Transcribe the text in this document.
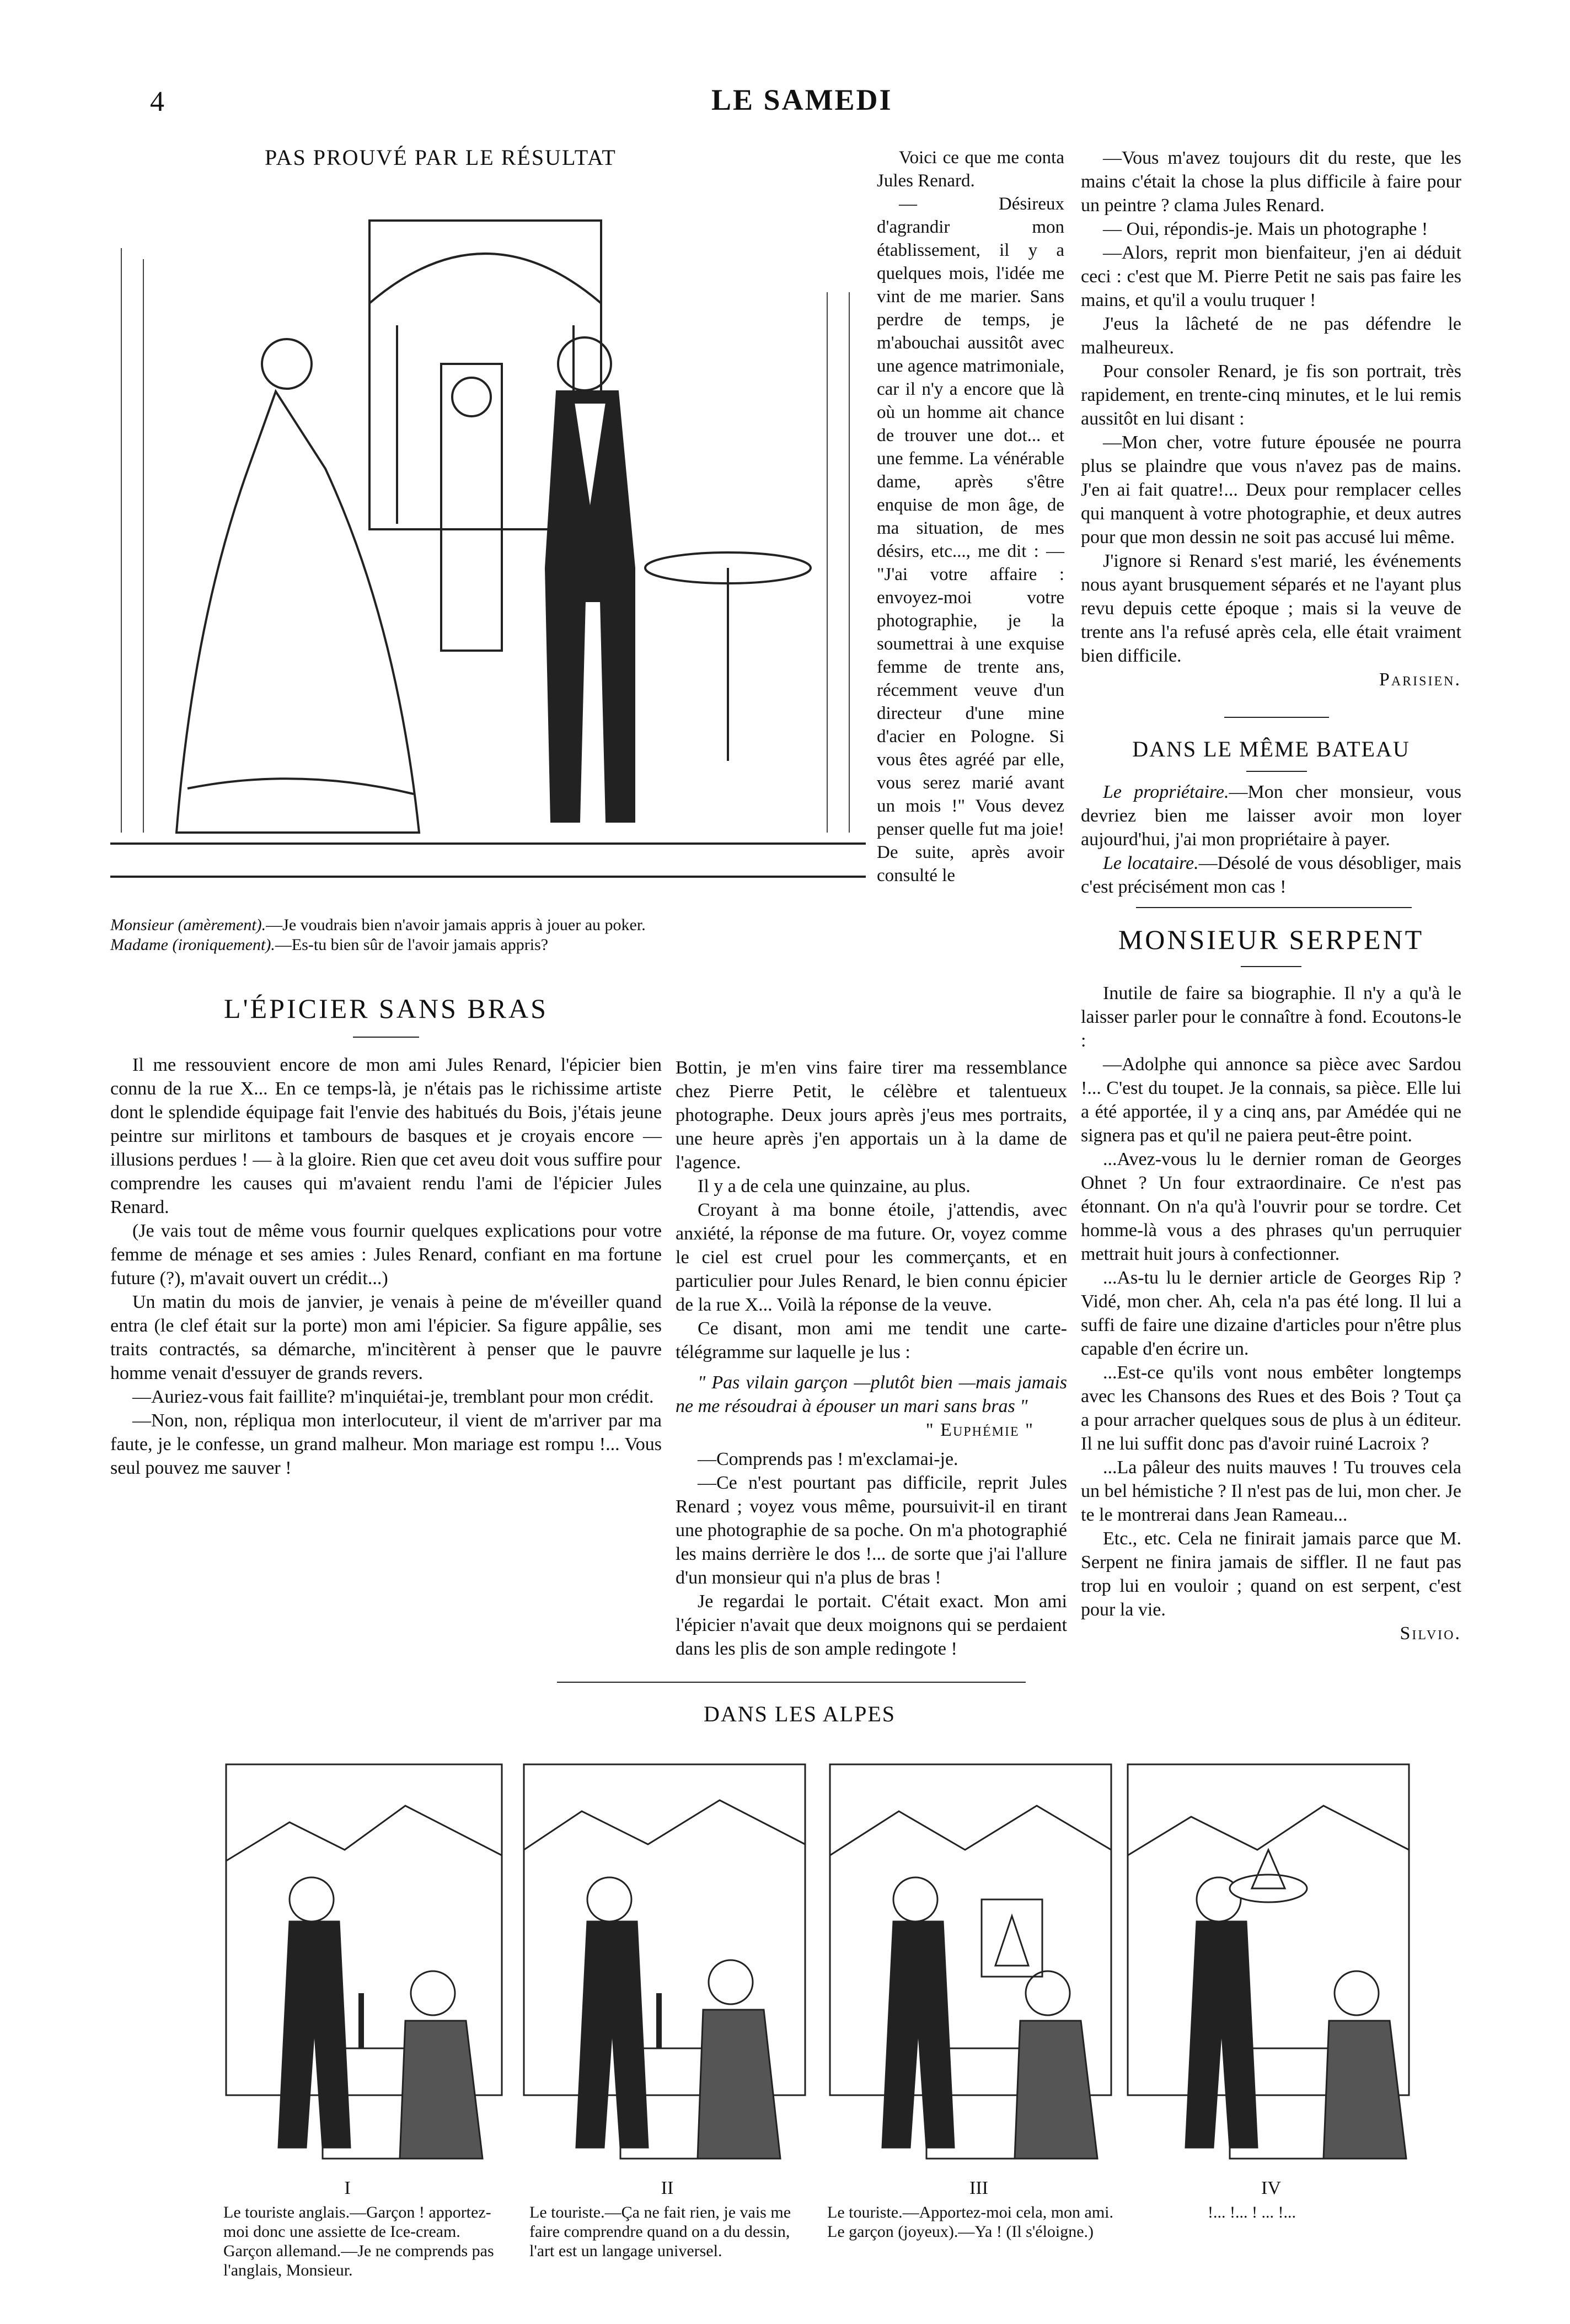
4	LE SAMEDI
PAS PROUVÉ PAR LE RÉSULTAT
Monsieur (amèrement).—Je voudrais bien n'avoir jamais appris à jouer au poker.
Madame (ironiquement).—Es-tu bien sûr de l'avoir jamais appris?
L'ÉPICIER SANS BRAS

Il me ressouvient encore de mon ami Jules Renard, l'épicier bien connu de la rue X... En ce temps-là, je n'étais pas le richissime artiste dont le splendide équipage fait l'envie des habitués du Bois, j'étais jeune peintre sur mirlitons et tambours de basques et je croyais encore — illusions perdues ! — à la gloire. Rien que cet aveu doit vous suffire pour comprendre les causes qui m'avaient rendu l'ami de l'épicier Jules Renard.

(Je vais tout de même vous fournir quelques explications pour votre femme de ménage et ses amies : Jules Renard, confiant en ma fortune future (?), m'avait ouvert un crédit...)

Un matin du mois de janvier, je venais à peine de m'éveiller quand entra (le clef était sur la porte) mon ami l'épicier. Sa figure appâlie, ses traits contractés, sa démarche, m'incitèrent à penser que le pauvre homme venait d'essuyer de grands revers.

—Auriez-vous fait faillite? m'inquiétai-je, tremblant pour mon crédit.

—Non, non, répliqua mon interlocuteur, il vient de m'arriver par ma faute, je le confesse, un grand malheur. Mon mariage est rompu !... Vous seul pouvez me sauver !

Voici ce que me conta Jules Renard.

— Désireux d'agrandir mon établissement, il y a quelques mois, l'idée me vint de me marier. Sans perdre de temps, je m'abouchai aussitôt avec une agence matrimoniale, car il n'y a encore que là où un homme ait chance de trouver une dot... et une femme. La vénérable dame, après s'être enquise de mon âge, de ma situation, de mes désirs, etc..., me dit : — "J'ai votre affaire : envoyez-moi votre photographie, je la soumettrai à une exquise femme de trente ans, récemment veuve d'un directeur d'une mine d'acier en Pologne. Si vous êtes agréé par elle, vous serez marié avant un mois !" Vous devez penser quelle fut ma joie! De suite, après avoir consulté le

Bottin, je m'en vins faire tirer ma ressemblance chez Pierre Petit, le célèbre et talentueux photographe. Deux jours après j'eus mes portraits, une heure après j'en apportais un à la dame de l'agence.

Il y a de cela une quinzaine, au plus.

Croyant à ma bonne étoile, j'attendis, avec anxiété, la réponse de ma future. Or, voyez comme le ciel est cruel pour les commerçants, et en particulier pour Jules Renard, le bien connu épicier de la rue X... Voilà la réponse de la veuve.

Ce disant, mon ami me tendit une carte-télégramme sur laquelle je lus :

" Pas vilain garçon —plutôt bien —mais jamais ne me résoudrai à épouser un mari sans bras "

" Euphémie "

—Comprends pas ! m'exclamai-je.

—Ce n'est pourtant pas difficile, reprit Jules Renard ; voyez vous même, poursuivit-il en tirant une photographie de sa poche. On m'a photographié les mains derrière le dos !... de sorte que j'ai l'allure d'un monsieur qui n'a plus de bras !

Je regardai le portait. C'était exact. Mon ami l'épicier n'avait que deux moignons qui se perdaient dans les plis de son ample redingote !

—Vous m'avez toujours dit du reste, que les mains c'était la chose la plus difficile à faire pour un peintre ? clama Jules Renard.

— Oui, répondis-je. Mais un photographe !

—Alors, reprit mon bienfaiteur, j'en ai déduit ceci : c'est que M. Pierre Petit ne sais pas faire les mains, et qu'il a voulu truquer !

J'eus la lâcheté de ne pas défendre le malheureux.

Pour consoler Renard, je fis son portrait, très rapidement, en trente-cinq minutes, et le lui remis aussitôt en lui disant :

—Mon cher, votre future épousée ne pourra plus se plaindre que vous n'avez pas de mains. J'en ai fait quatre!... Deux pour remplacer celles qui manquent à votre photographie, et deux autres pour que mon dessin ne soit pas accusé lui même.

J'ignore si Renard s'est marié, les événements nous ayant brusquement séparés et ne l'ayant plus revu depuis cette époque ; mais si la veuve de trente ans l'a refusé après cela, elle était vraiment bien difficile.

Parisien.
DANS LE MÊME BATEAU

Le propriétaire.—Mon cher monsieur, vous devriez bien me laisser avoir mon loyer aujourd'hui, j'ai mon propriétaire à payer.

Le locataire.—Désolé de vous désobliger, mais c'est précisément mon cas !

MONSIEUR SERPENT

Inutile de faire sa biographie. Il n'y a qu'à le laisser parler pour le connaître à fond. Ecoutons-le :

—Adolphe qui annonce sa pièce avec Sardou !... C'est du toupet. Je la connais, sa pièce. Elle lui a été apportée, il y a cinq ans, par Amédée qui ne signera pas et qu'il ne paiera peut-être point.

...Avez-vous lu le dernier roman de Georges Ohnet ? Un four extraordinaire. Ce n'est pas étonnant. On n'a qu'à l'ouvrir pour se tordre. Cet homme-là vous a des phrases qu'un perruquier mettrait huit jours à confectionner.

...As-tu lu le dernier article de Georges Rip ? Vidé, mon cher. Ah, cela n'a pas été long. Il lui a suffi de faire une dizaine d'articles pour n'être plus capable d'en écrire un.

...Est-ce qu'ils vont nous embêter longtemps avec les Chansons des Rues et des Bois ? Tout ça a pour arracher quelques sous de plus à un éditeur. Il ne lui suffit donc pas d'avoir ruiné Lacroix ?

...La pâleur des nuits mauves ! Tu trouves cela un bel hémistiche ? Il n'est pas de lui, mon cher. Je te le montrerai dans Jean Rameau...

Etc., etc. Cela ne finirait jamais parce que M. Serpent ne finira jamais de siffler. Il ne faut pas trop lui en vouloir ; quand on est serpent, c'est pour la vie.

Silvio.
DANS LES ALPES
I	II	III	IV
Le touriste anglais.—Garçon ! apportez-moi donc une assiette de Ice-cream. Garçon allemand.—Je ne comprends pas l'anglais, Monsieur.
Le touriste.—Ça ne fait rien, je vais me faire comprendre quand on a du dessin, l'art est un langage universel.
Le touriste.—Apportez-moi cela, mon ami. Le garçon (joyeux).—Ya ! (Il s'éloigne.)
!... !... ! ... !...
